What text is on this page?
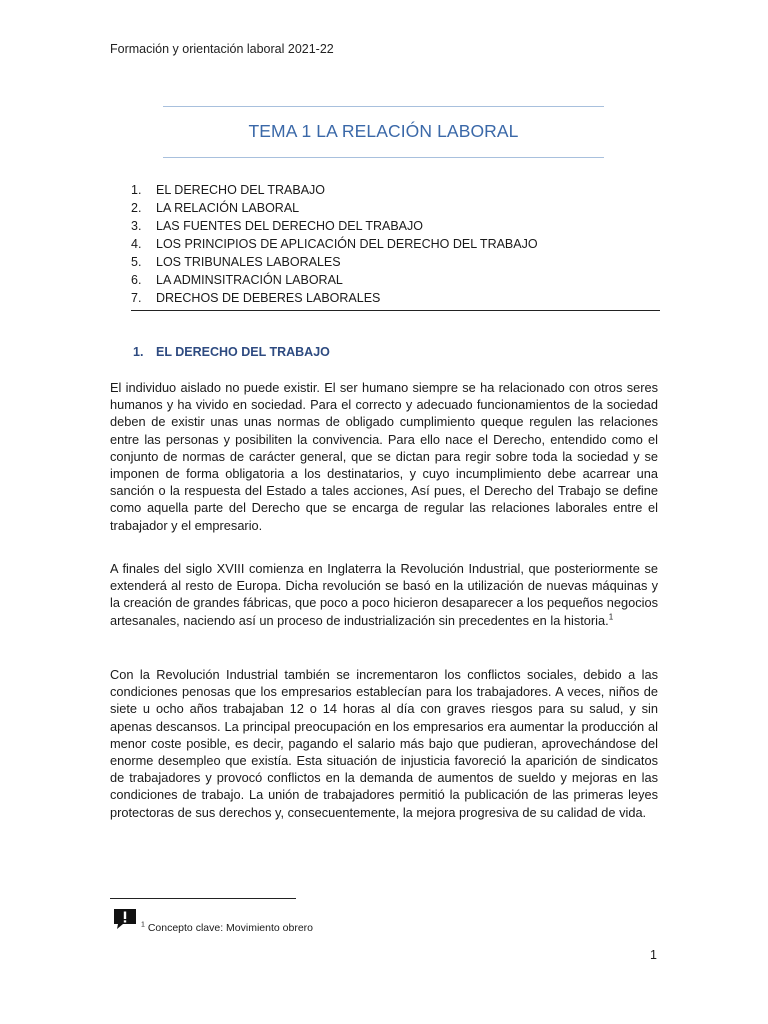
Formación y orientación laboral 2021-22
TEMA 1 LA RELACIÓN LABORAL
1.	EL DERECHO DEL TRABAJO
2.	LA RELACIÓN LABORAL
3.	LAS FUENTES DEL DERECHO DEL TRABAJO
4.	LOS PRINCIPIOS DE APLICACIÓN DEL DERECHO DEL TRABAJO
5.	LOS TRIBUNALES LABORALES
6.	LA ADMINSITRACIÓN LABORAL
7.	DRECHOS DE DEBERES LABORALES
1.	EL DERECHO DEL TRABAJO

El individuo aislado no puede existir. El ser humano siempre se ha relacionado con otros seres humanos y ha vivido en sociedad. Para el correcto y adecuado funcionamientos de la sociedad deben de existir unas unas normas de obligado cumplimiento queque regulen las relaciones entre las personas y posibiliten la convivencia. Para ello nace el Derecho, entendido como el conjunto de normas de carácter general, que se dictan para regir sobre toda la sociedad y se imponen de forma obligatoria a los destinatarios, y cuyo incumplimiento debe acarrear una sanción o la respuesta del Estado a tales acciones, Así pues, el Derecho del Trabajo se define como aquella parte del Derecho que se encarga de regular las relaciones laborales entre el trabajador y el empresario.

A finales del siglo XVIII comienza en Inglaterra la Revolución Industrial, que posteriormente se extenderá al resto de Europa. Dicha revolución se basó en la utilización de nuevas máquinas y la creación de grandes fábricas, que poco a poco hicieron desaparecer a los pequeños negocios artesanales, naciendo así un proceso de industrialización sin precedentes en la historia.$^1$

Con la Revolución Industrial también se incrementaron los conflictos sociales, debido a las condiciones penosas que los empresarios establecían para los trabajadores. A veces, niños de siete u ocho años trabajaban 12 o 14 horas al día con graves riesgos para su salud, y sin apenas descansos. La principal preocupación en los empresarios era aumentar la producción al menor coste posible, es decir, pagando el salario más bajo que pudieran, aprovechándose del enorme desempleo que existía. Esta situación de injusticia favoreció la aparición de sindicatos de trabajadores y provocó conflictos en la demanda de aumentos de sueldo y mejoras en las condiciones de trabajo. La unión de trabajadores permitió la publicación de las primeras leyes protectoras de sus derechos y, consecuentemente, la mejora progresiva de su calidad de vida.

$^1$ Concepto clave: Movimiento obrero
1
